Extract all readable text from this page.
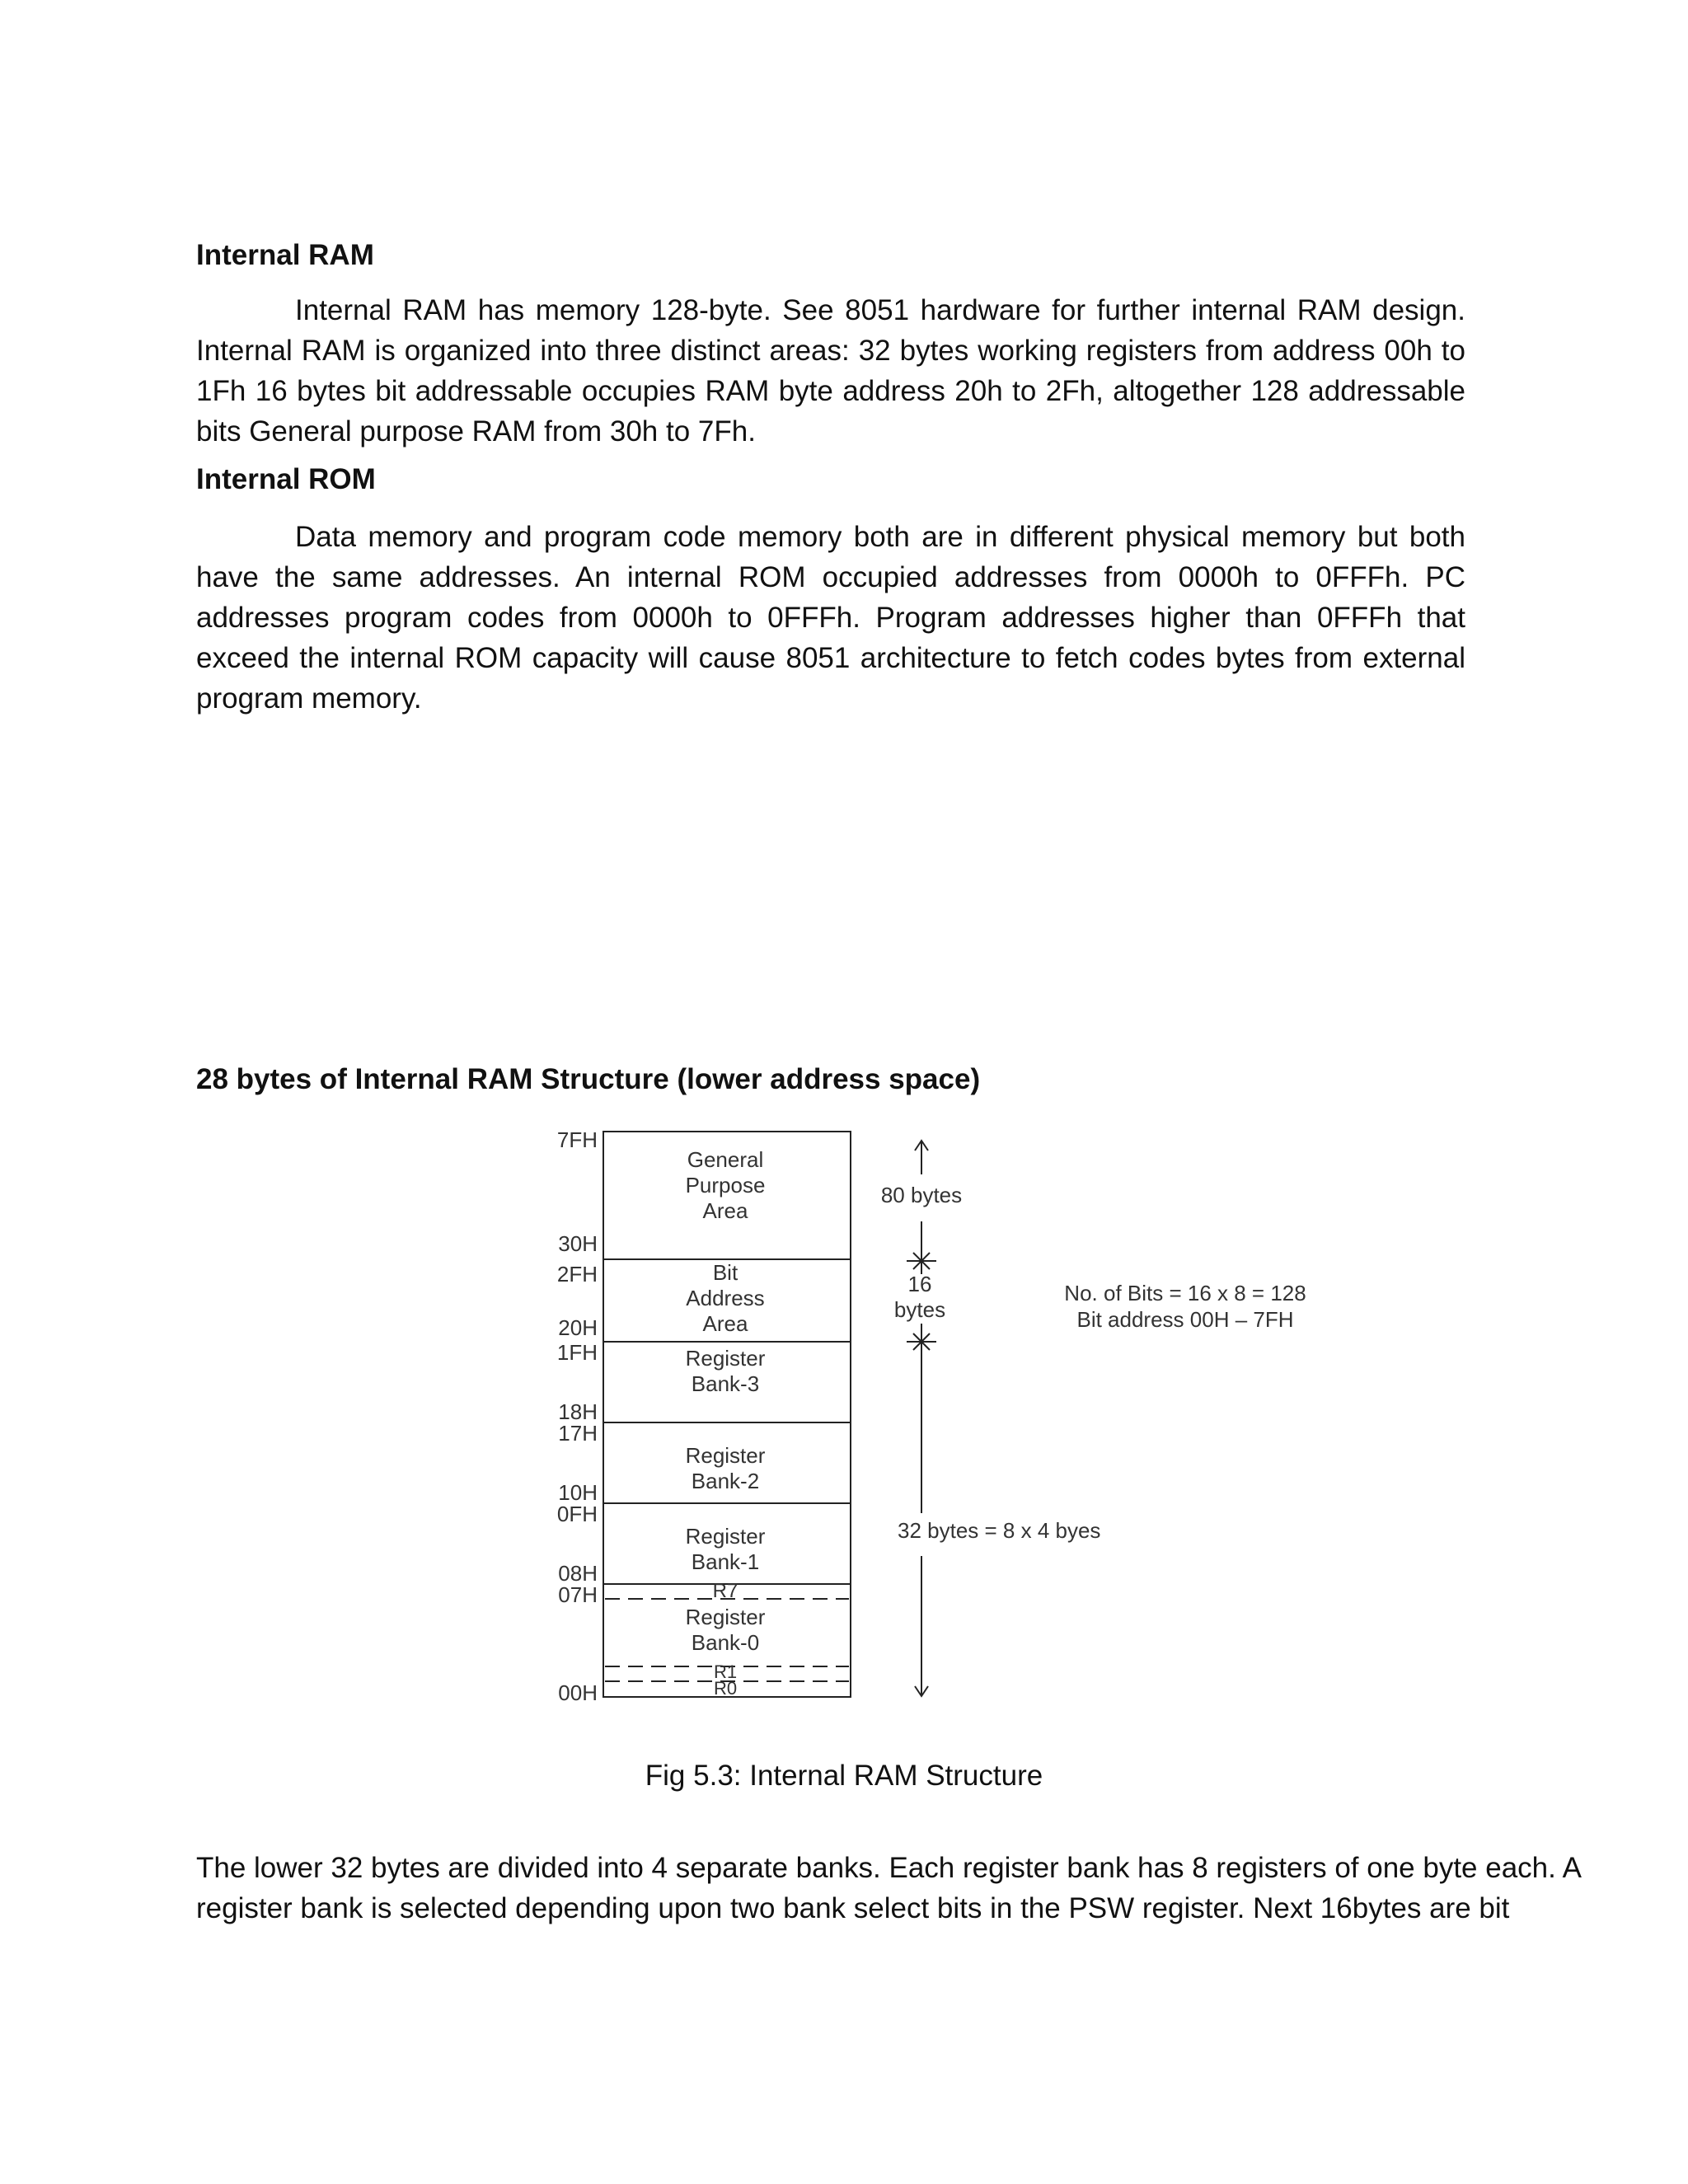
Internal RAM

Internal RAM has memory 128-byte. See 8051 hardware for further internal RAM design. Internal RAM is organized into three distinct areas: 32 bytes working registers from address 00h to 1Fh 16 bytes bit addressable occupies RAM byte address 20h to 2Fh, altogether 128 addressable bits General purpose RAM from 30h to 7Fh.

Internal ROM

Data memory and program code memory both are in different physical memory but both have the same addresses. An internal ROM occupied addresses from 0000h to 0FFFh. PC addresses program codes from 0000h to 0FFFh. Program addresses higher than 0FFFh that exceed the internal ROM capacity will cause 8051 architecture to fetch codes bytes from external program memory.

28 bytes of Internal RAM Structure (lower address space)
7FH
30H
2FH
20H
1FH
18H
17H
10H
0FH
08H
07H
00H
General
Purpose
Area
Bit
Address
Area
Register
Bank-3
Register
Bank-2
Register
Bank-1
R7
Register
Bank-0
R1
R0
80 bytes
16
bytes
32 bytes = 8 x 4 byes
No. of Bits = 16 x 8 = 128
Bit address 00H – 7FH

Fig 5.3: Internal RAM Structure

The lower 32 bytes are divided into 4 separate banks. Each register bank has 8 registers of one byte each. A register bank is selected depending upon two bank select bits in the PSW register. Next 16bytes are bit
